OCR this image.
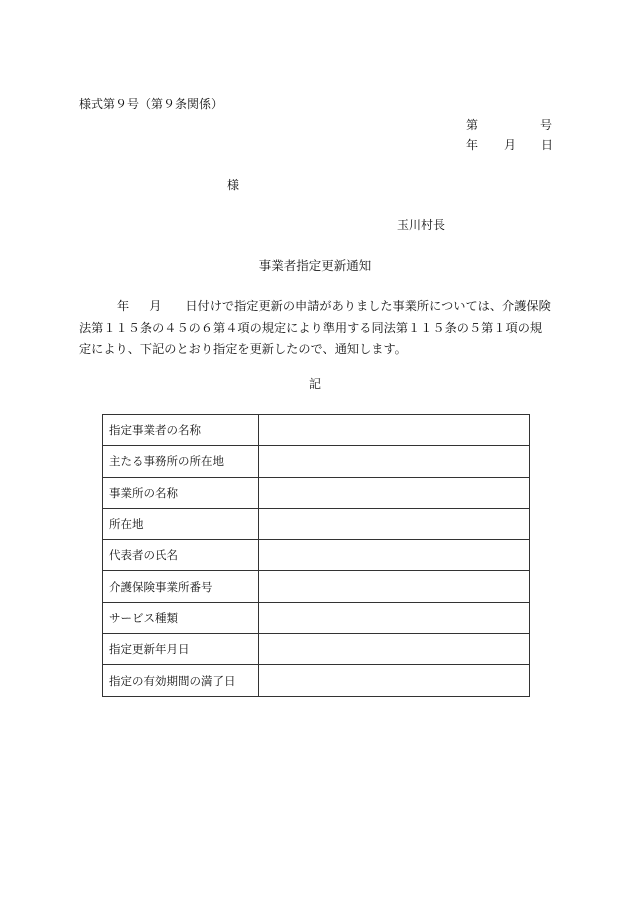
様式第９号（第９条関係）
第	号
年 月 日
様
玉川村長
事業者指定更新通知
年 月 日付けで指定更新の申請がありました事業所については、介護保険
法第１１５条の４５の６第４項の規定により準用する同法第１１５条の５第１項の規
定により、下記のとおり指定を更新したので、通知します。
記
指定事業者の名称	
主たる事務所の所在地	
事業所の名称	
所在地	
代表者の氏名	
介護保険事業所番号	
サービス種類	
指定更新年月日	
指定の有効期間の満了日	
